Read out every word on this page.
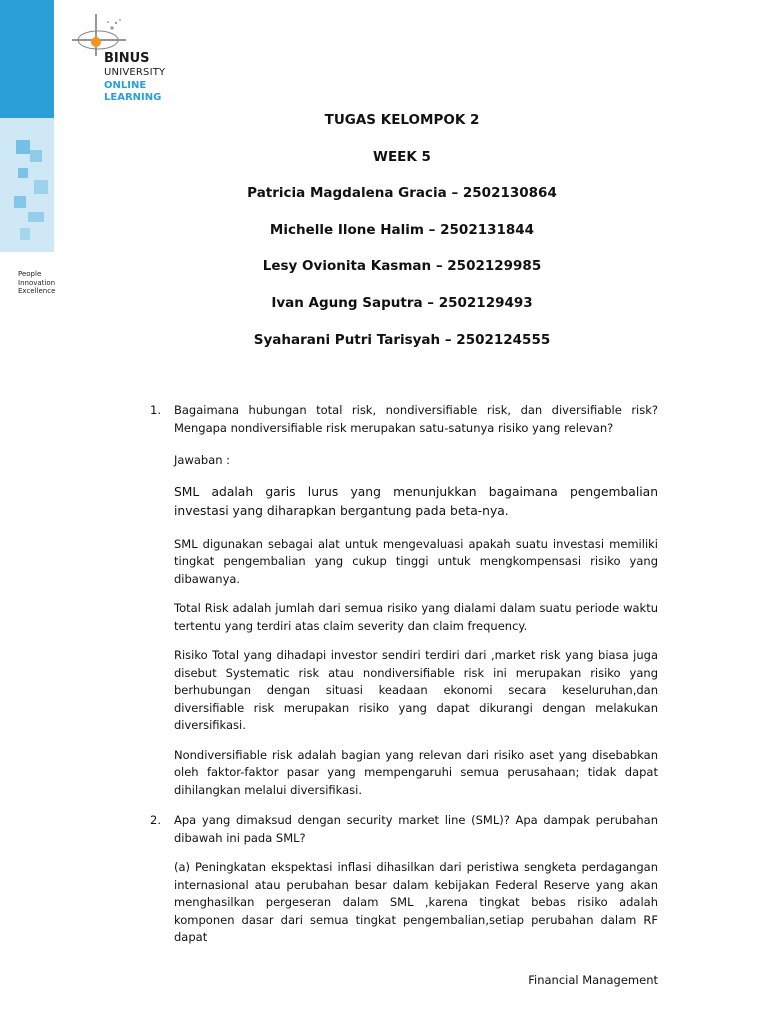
People
Innovation
Excellence
BINUS
UNIVERSITY
ONLINE
LEARNING
TUGAS KELOMPOK 2
WEEK 5
Patricia Magdalena Gracia – 2502130864
Michelle Ilone Halim – 2502131844
Lesy Ovionita Kasman – 2502129985
Ivan Agung Saputra – 2502129493
Syaharani Putri Tarisyah – 2502124555
1. Bagaimana hubungan total risk, nondiversifiable risk, dan diversifiable risk? Mengapa nondiversifiable risk merupakan satu-satunya risiko yang relevan?

Jawaban :

SML adalah garis lurus yang menunjukkan bagaimana pengembalian investasi yang diharapkan bergantung pada beta-nya.

SML digunakan sebagai alat untuk mengevaluasi apakah suatu investasi memiliki tingkat pengembalian yang cukup tinggi untuk mengkompensasi risiko yang dibawanya.

Total Risk adalah jumlah dari semua risiko yang dialami dalam suatu periode waktu tertentu yang terdiri atas claim severity dan claim frequency.

Risiko Total yang dihadapi investor sendiri terdiri dari ,market risk yang biasa juga disebut Systematic risk atau nondiversifiable risk ini merupakan risiko yang berhubungan dengan situasi keadaan ekonomi secara keseluruhan,dan diversifiable risk merupakan risiko yang dapat dikurangi dengan melakukan diversifikasi.

Nondiversifiable risk adalah bagian yang relevan dari risiko aset yang disebabkan oleh faktor-faktor pasar yang mempengaruhi semua perusahaan; tidak dapat dihilangkan melalui diversifikasi.

2. Apa yang dimaksud dengan security market line (SML)? Apa dampak perubahan dibawah ini pada SML?

(a) Peningkatan ekspektasi inflasi dihasilkan dari peristiwa sengketa perdagangan internasional atau perubahan besar dalam kebijakan Federal Reserve yang akan menghasilkan pergeseran dalam SML ,karena tingkat bebas risiko adalah komponen dasar dari semua tingkat pengembalian,setiap perubahan dalam RF dapat

Financial Management
